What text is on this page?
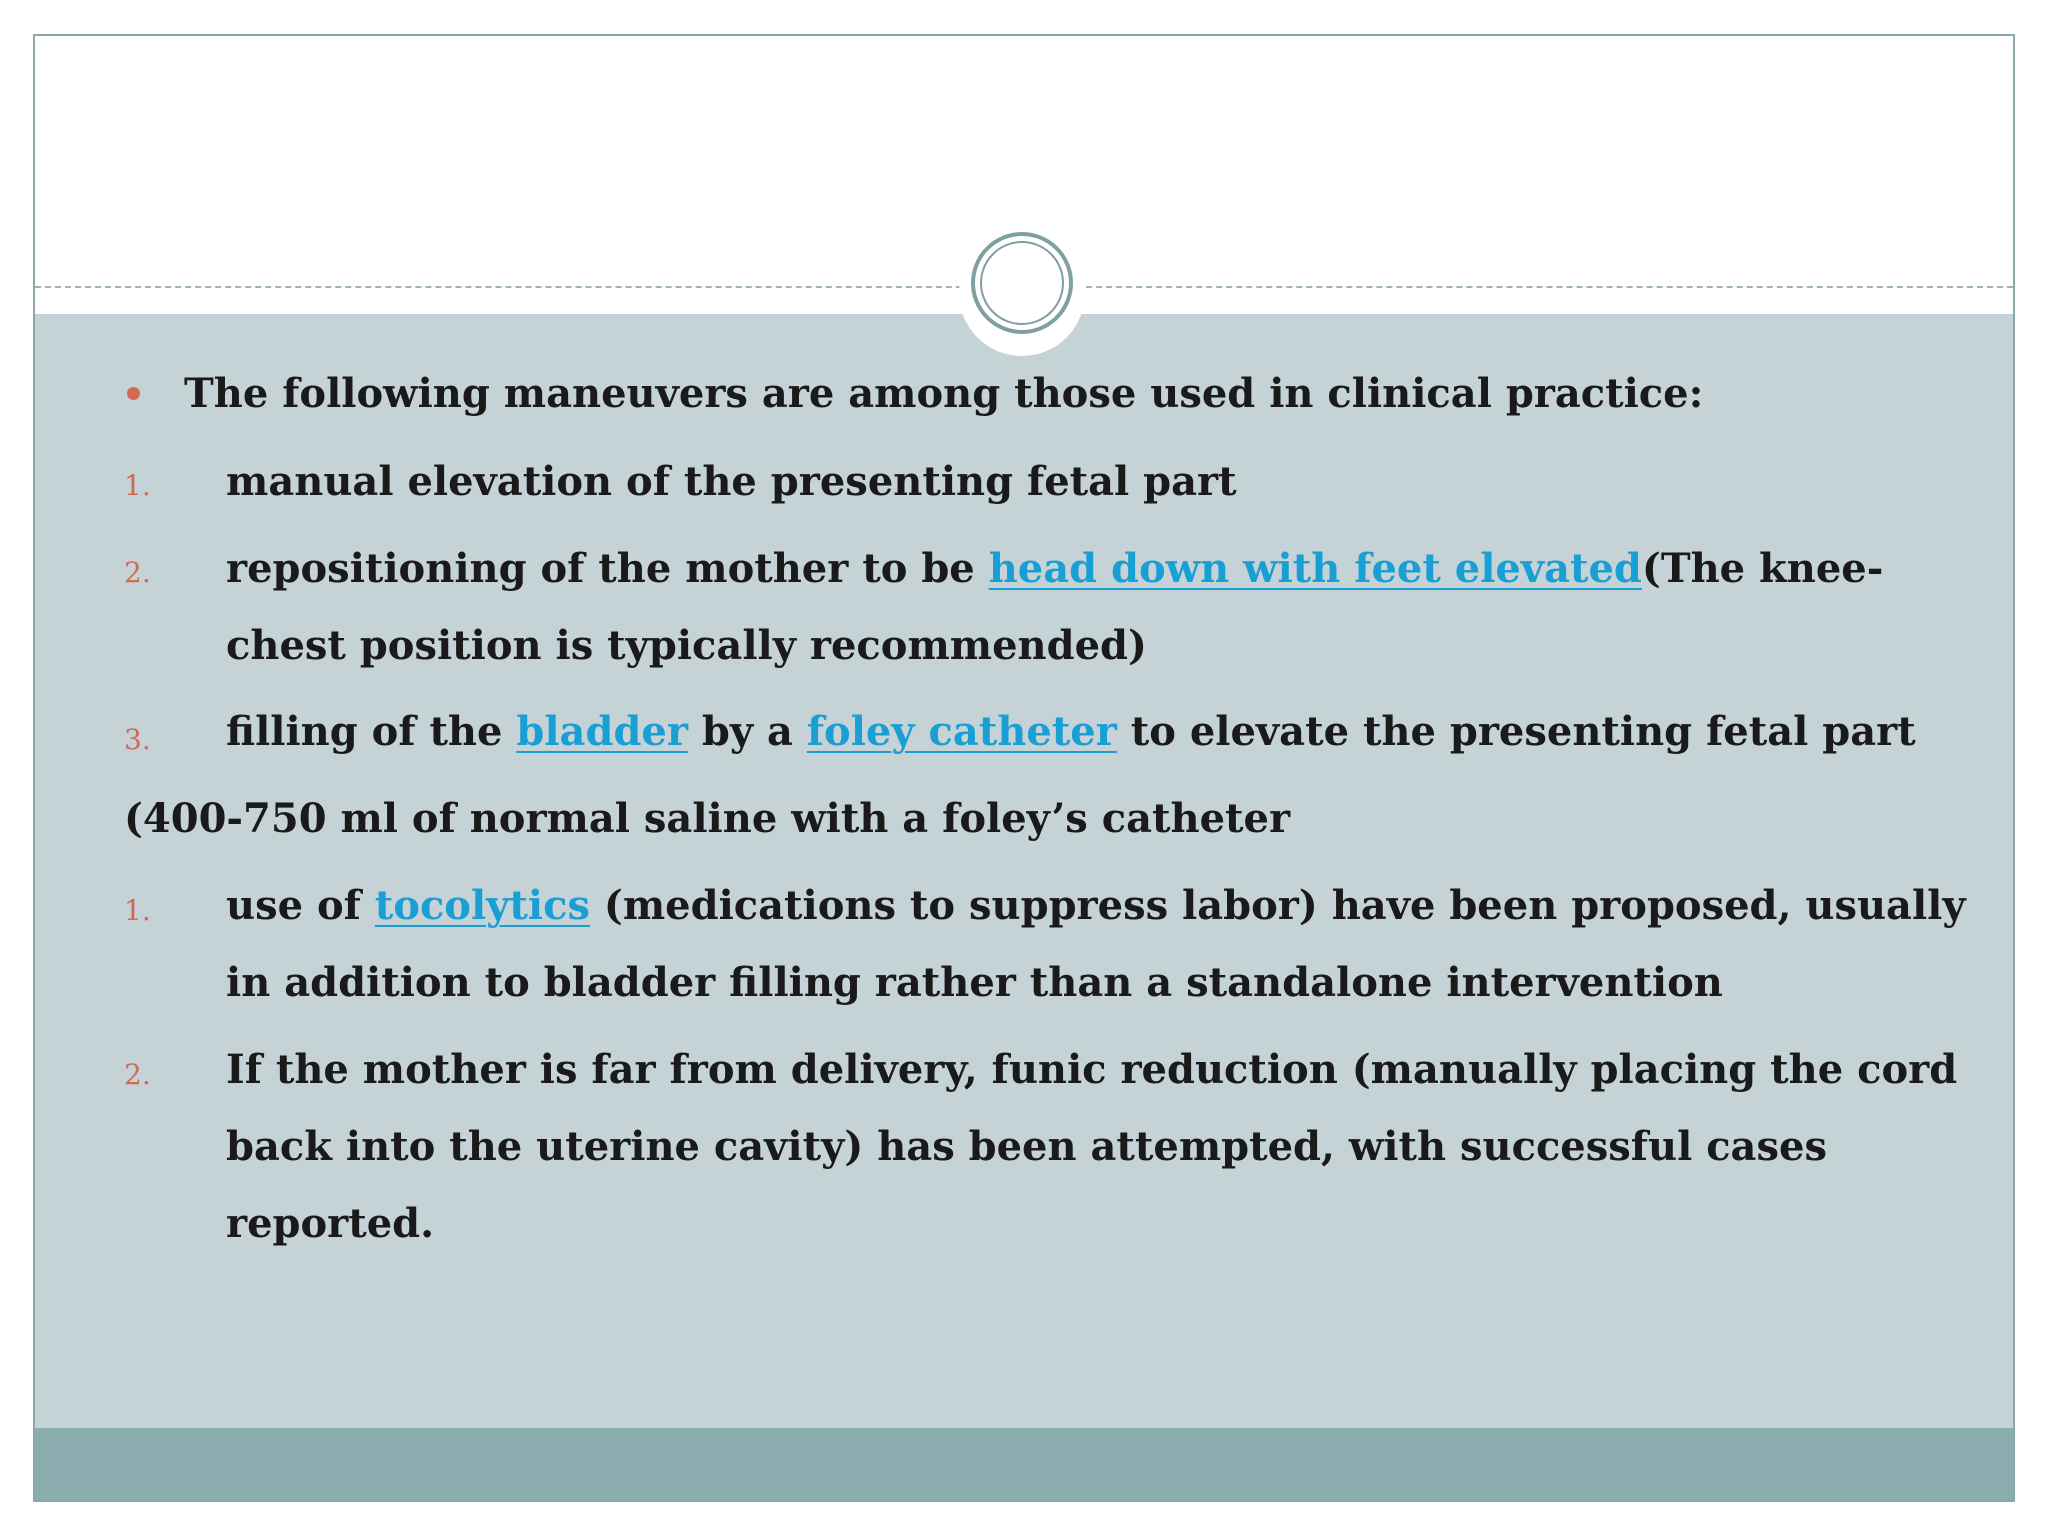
The following maneuvers are among those used in clinical practice:
1. manual elevation of the presenting fetal part
2. repositioning of the mother to be head down with feet elevated(The knee-
chest position is typically recommended)
3. filling of the bladder by a foley catheter to elevate the presenting fetal part
(400-750 ml of normal saline with a foley’s catheter
1. use of tocolytics (medications to suppress labor) have been proposed, usually
in addition to bladder filling rather than a standalone intervention
2. If the mother is far from delivery, funic reduction (manually placing the cord
back into the uterine cavity) has been attempted, with successful cases
reported.
